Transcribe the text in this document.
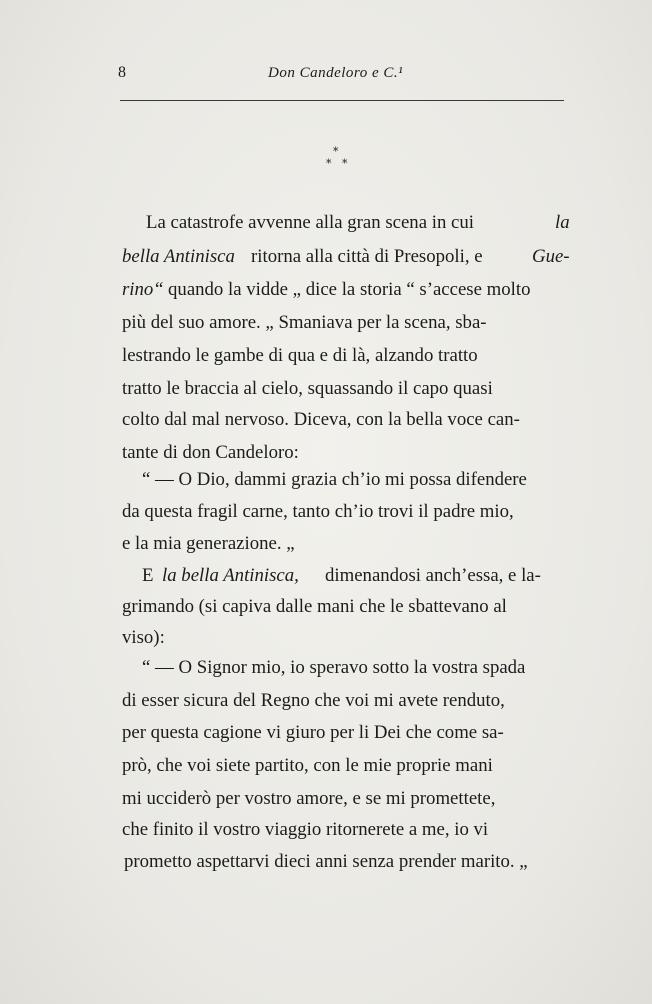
8	Don Candeloro e C.¹
*
* *
La catastrofe avvenne alla gran scena in cui	la
bella Antinisca ritorna alla città di Presopoli, e	Gue-
rino “ quando la vidde „ dice la storia “ s’accese molto
più del suo amore. „ Smaniava per la scena, sba-
lestrando le gambe di qua e di là, alzando tratto
tratto le braccia al cielo, squassando il capo quasi
colto dal mal nervoso. Diceva, con la bella voce can-
tante di don Candeloro:
“ — O Dio, dammi grazia ch’io mi possa difendere
da questa fragil carne, tanto ch’io trovi il padre mio,
e la mia generazione. „
E la bella Antinisca, dimenandosi anch’essa, e la-
grimando (si capiva dalle mani che le sbattevano al
viso):
“ — O Signor mio, io speravo sotto la vostra spada
di esser sicura del Regno che voi mi avete renduto,
per questa cagione vi giuro per li Dei che come sa-
prò, che voi siete partito, con le mie proprie mani
mi ucciderò per vostro amore, e se mi promettete,
che finito il vostro viaggio ritornerete a me, io vi
prometto aspettarvi dieci anni senza prender marito. „
